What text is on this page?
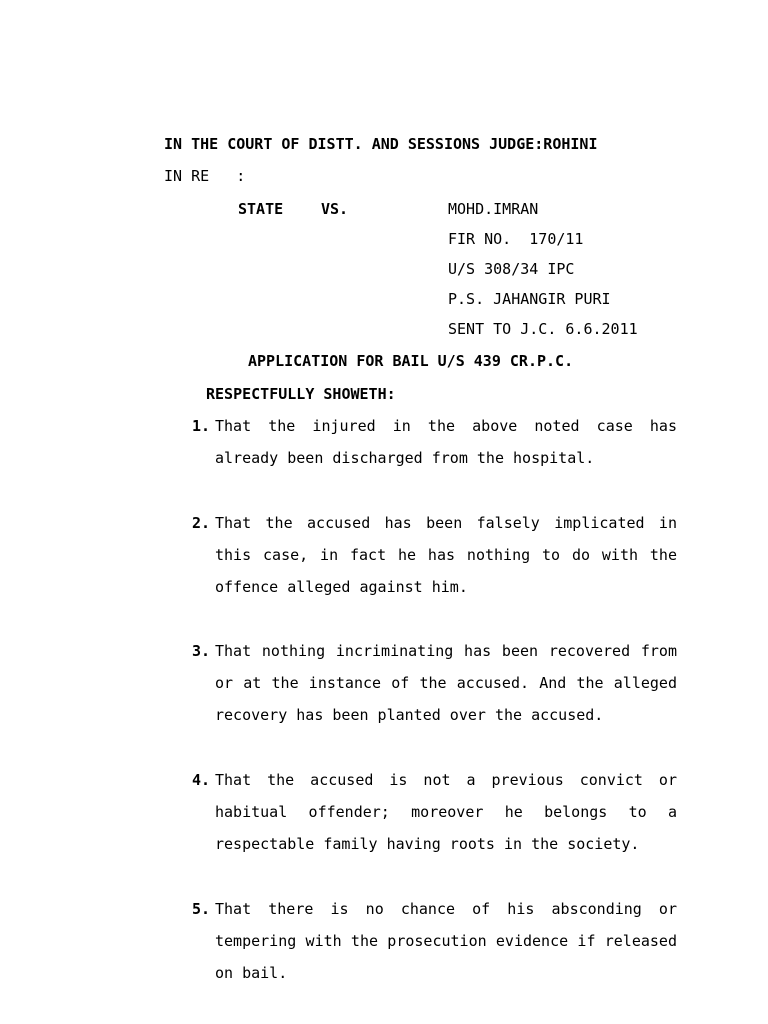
IN THE COURT OF DISTT. AND SESSIONS JUDGE:ROHINI
IN RE   :
STATE	VS.	MOHD.IMRAN
FIR NO.  170/11
U/S 308/34 IPC
P.S. JAHANGIR PURI
SENT TO J.C. 6.6.2011
APPLICATION FOR BAIL U/S 439 CR.P.C.
RESPECTFULLY SHOWETH:
1. That the injured in the above noted case has already been discharged from the hospital.
2. That the accused has been falsely implicated in this case, in fact he has nothing to do with the offence alleged against him.
3. That nothing incriminating has been recovered from or at the instance of the accused. And the alleged recovery has been planted over the accused.
4. That the accused is not a previous convict or habitual offender; moreover he belongs to a respectable family having roots in the society.
5. That there is no chance of his absconding or tempering with the prosecution evidence if released on bail.
